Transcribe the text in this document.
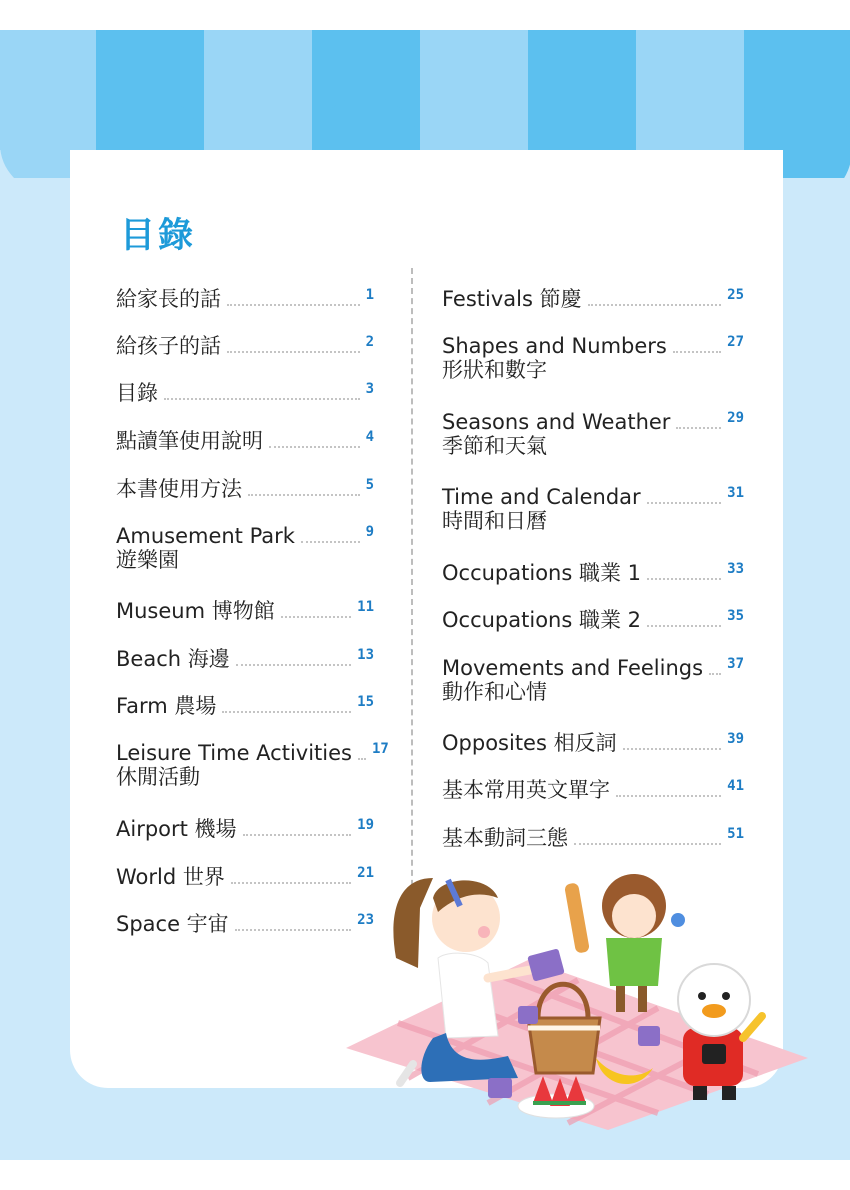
目錄
給家長的話	1
給孩子的話	2
目錄	3
點讀筆使用說明	4
本書使用方法	5
Amusement Park	9
遊樂園
Museum 博物館	11
Beach 海邊	13
Farm 農場	15
Leisure Time Activities 17
休閒活動
Airport 機場	19
World 世界	21
Space 宇宙	23
Festivals 節慶	25
Shapes and Numbers	27
形狀和數字
Seasons and Weather	29
季節和天氣
Time and Calendar	31
時間和日曆
Occupations 職業 1	33
Occupations 職業 2	35
Movements and Feelings 37
動作和心情
Opposites 相反詞	39
基本常用英文單字	41
基本動詞三態	51
